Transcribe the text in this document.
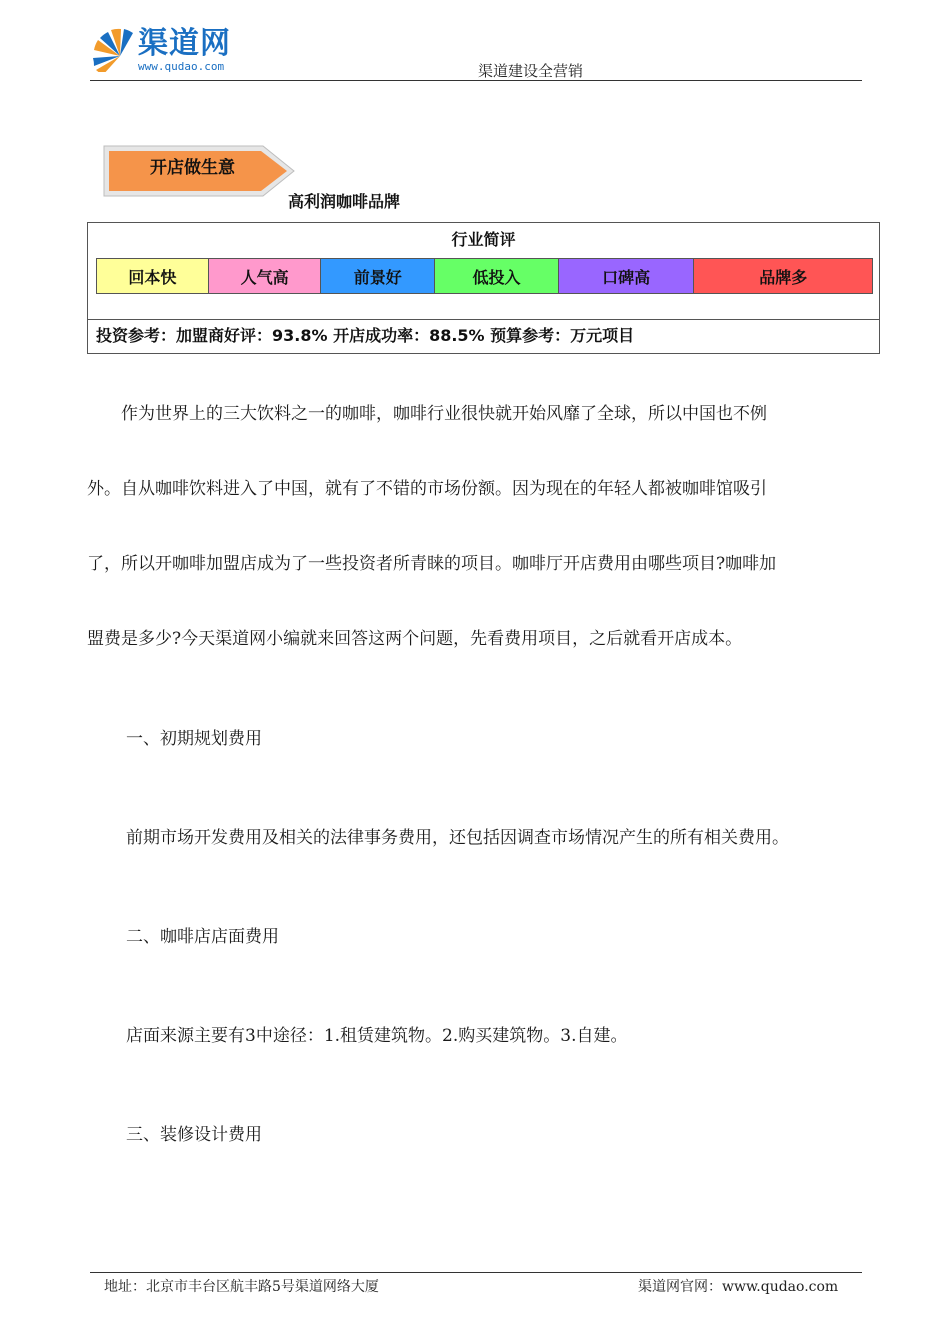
渠道网
www.qudao.com	渠道建设全营销
开店做生意
高利润咖啡品牌
行业简评
回本快	人气高	前景好	低投入	口碑高	品牌多
投资参考：加盟商好评：93.8% 开店成功率：88.5% 预算参考：万元项目

　　作为世界上的三大饮料之一的咖啡，咖啡行业很快就开始风靡了全球，所以中国也不例

外。自从咖啡饮料进入了中国，就有了不错的市场份额。因为现在的年轻人都被咖啡馆吸引

了，所以开咖啡加盟店成为了一些投资者所青睐的项目。咖啡厅开店费用由哪些项目?咖啡加

盟费是多少?今天渠道网小编就来回答这两个问题，先看费用项目，之后就看开店成本。

一、初期规划费用
前期市场开发费用及相关的法律事务费用，还包括因调查市场情况产生的所有相关费用。
二、咖啡店店面费用
店面来源主要有3中途径：1.租赁建筑物。2.购买建筑物。3.自建。
三、装修设计费用
地址：北京市丰台区航丰路5号渠道网络大厦	渠道网官网：www.qudao.com
